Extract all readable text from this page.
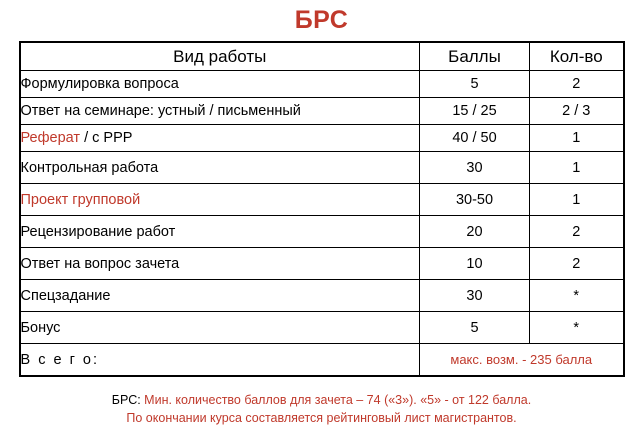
БРС
Вид работы	Баллы	Кол-во
Формулировка вопроса	5	2
Ответ на семинаре: устный / письменный	15 / 25	2 / 3
Реферат / с РРР	40 / 50	1
Контрольная работа	30	1
Проект групповой	30-50	1
Рецензирование работ	20	2
Ответ на вопрос зачета	10	2
Спецзадание	30	*
Бонус	5	*
В с е г о:	макс. возм. - 235 балла	
БРС: Мин. количество баллов для зачета – 74 («3»). «5» - от 122 балла.
По окончании курса составляется рейтинговый лист магистрантов.
